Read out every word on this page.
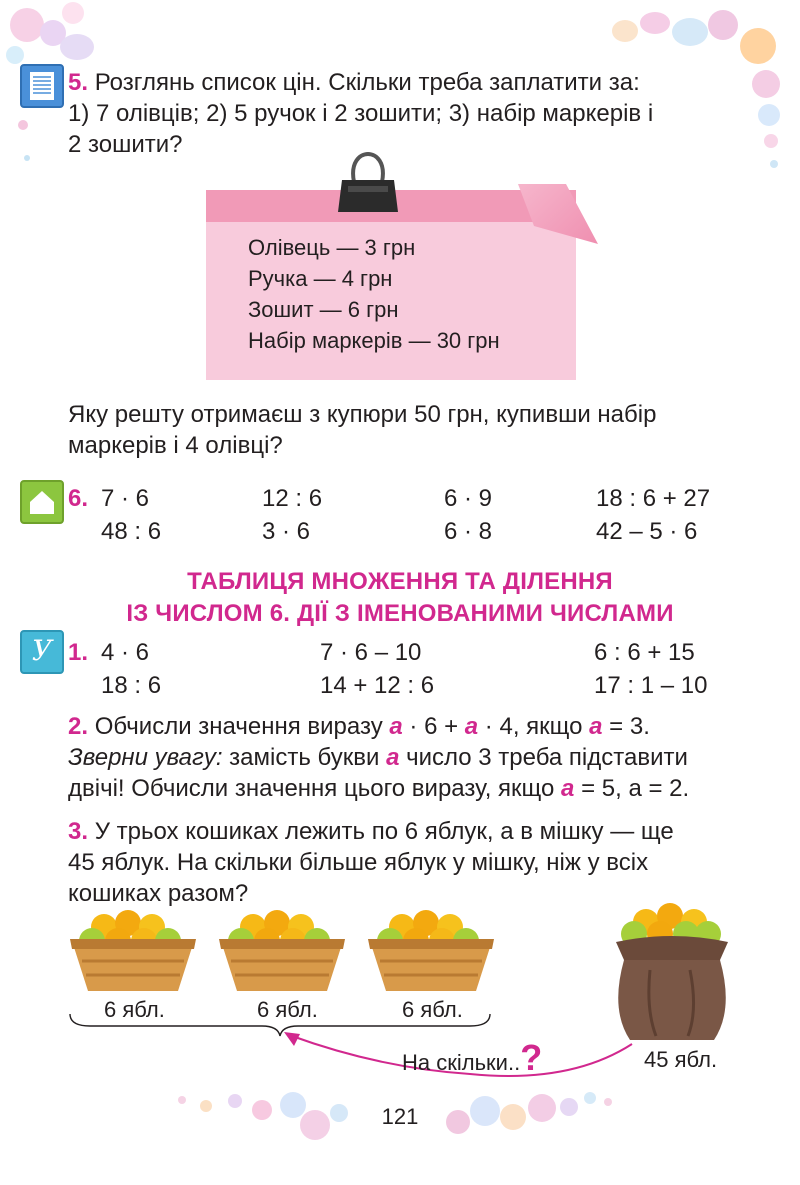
5. Розглянь список цін. Скільки треба заплатити за:
1) 7 олівців; 2) 5 ручок і 2 зошити; 3) набір маркерів і
2 зошити?
Олівець — 3 грн
Ручка — 4 грн
Зошит — 6 грн
Набір маркерів — 30 грн
Яку решту отримаєш з купюри 50 грн, купивши набір
маркерів і 4 олівці?
6. 7 · 6	12 : 6	6 · 9	18 : 6 + 27
48 : 6	3 · 6	6 · 8	42 – 5 · 6
ТАБЛИЦЯ МНОЖЕННЯ ТА ДІЛЕННЯ
ІЗ ЧИСЛОМ 6. ДІЇ З ІМЕНОВАНИМИ ЧИСЛАМИ
У 1. 4 · 6	7 · 6 – 10	6 : 6 + 15
18 : 6	14 + 12 : 6	17 : 1 – 10
2. Обчисли значення виразу a · 6 + a · 4, якщо a = 3.
Зверни увагу: замість букви a число 3 треба підставити
двічі! Обчисли значення цього виразу, якщо a = 5, а = 2.
3. У трьох кошиках лежить по 6 яблук, а в мішку — ще
45 яблук. На скільки більше яблук у мішку, ніж у всіх
кошиках разом?
6 ябл.	6 ябл.	6 ябл.
На скільки..?	45 ябл.
121
